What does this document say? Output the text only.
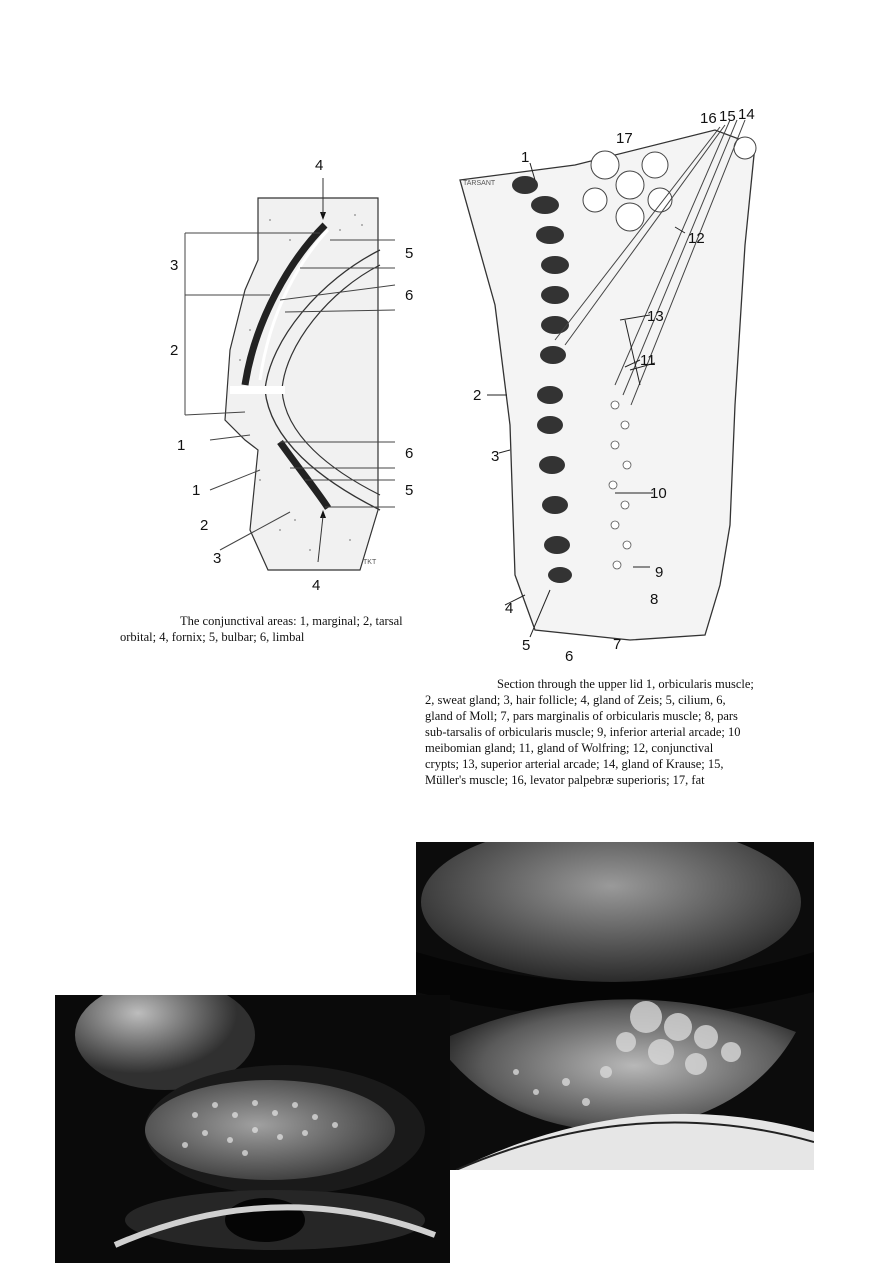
4
3
2
1
1
2
3
4
5
6
6
5
TKT
The conjunctival areas: 1, marginal; 2, tarsal
orbital; 4, fornix; 5, bulbar; 6, limbal
1
2
3
4
5
6
7
8
9
10
11
12
13
14
15
16
17
TARSANT
Section through the upper lid 1, orbicularis muscle;
2, sweat gland; 3, hair follicle; 4, gland of Zeis; 5, cilium, 6,
gland of Moll; 7, pars marginalis of orbicularis muscle; 8, pars
sub-tarsalis of orbicularis muscle; 9, inferior arterial arcade; 10
meibomian gland; 11, gland of Wolfring; 12, conjunctival
crypts; 13, superior arterial arcade; 14, gland of Krause; 15,
Müller's muscle; 16, levator palpebræ superioris; 17, fat
